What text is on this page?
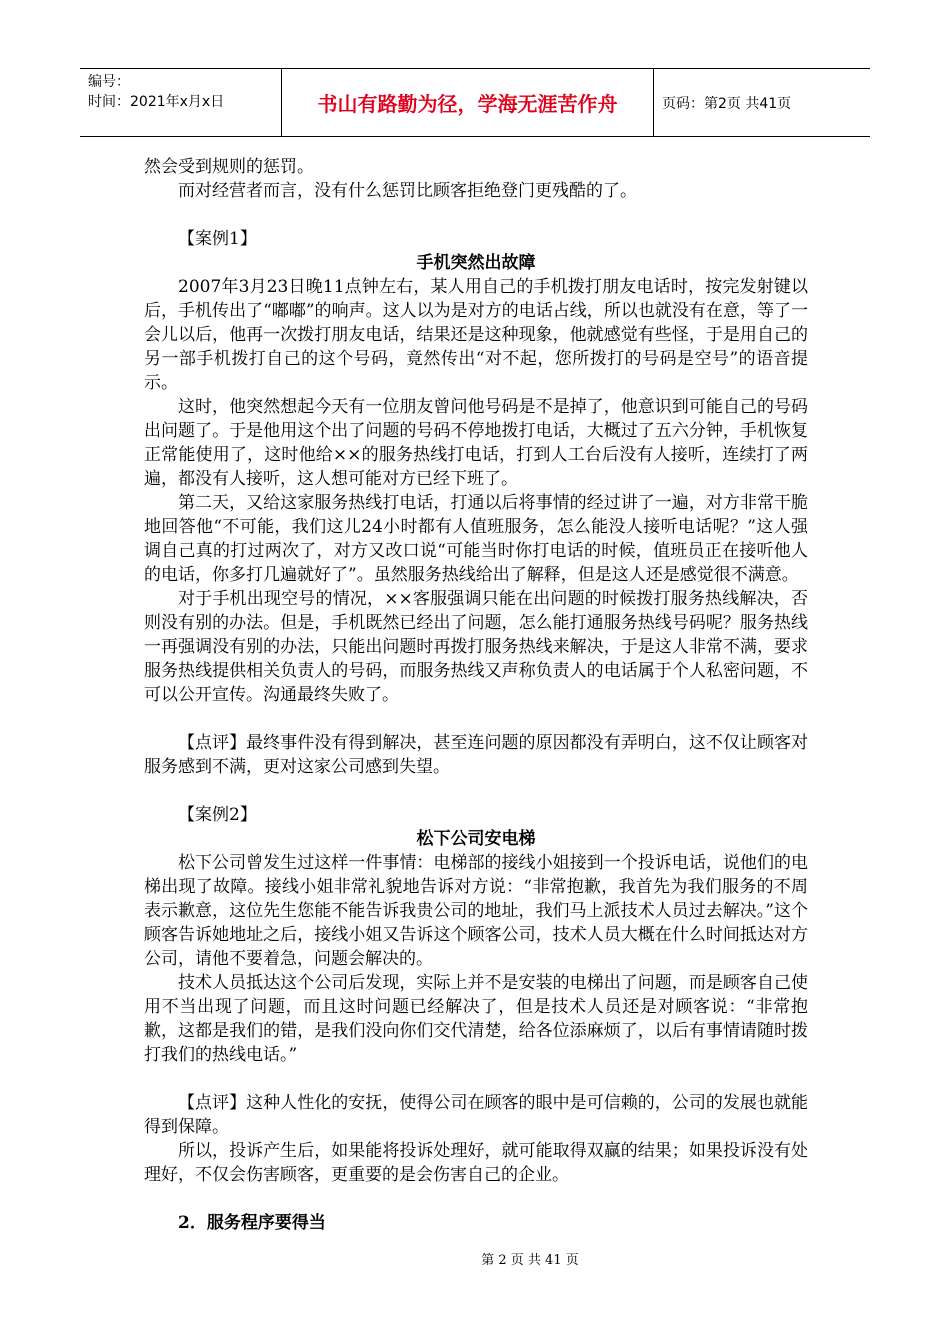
编号：
时间：2021年x月x日	书山有路勤为径，学海无涯苦作舟	页码：第2页 共41页

然会受到规则的惩罚。

而对经营者而言，没有什么惩罚比顾客拒绝登门更残酷的了。

【案例1】

手机突然出故障

2007年3月23日晚11点钟左右，某人用自己的手机拨打朋友电话时，按完发射键以后，手机传出了“嘟嘟”的响声。这人以为是对方的电话占线，所以也就没有在意，等了一会儿以后，他再一次拨打朋友电话，结果还是这种现象，他就感觉有些怪，于是用自己的另一部手机拨打自己的这个号码，竟然传出“对不起，您所拨打的号码是空号”的语音提示。

这时，他突然想起今天有一位朋友曾问他号码是不是掉了，他意识到可能自己的号码出问题了。于是他用这个出了问题的号码不停地拨打电话，大概过了五六分钟，手机恢复正常能使用了，这时他给××的服务热线打电话，打到人工台后没有人接听，连续打了两遍，都没有人接听，这人想可能对方已经下班了。

第二天，又给这家服务热线打电话，打通以后将事情的经过讲了一遍，对方非常干脆地回答他“不可能，我们这儿24小时都有人值班服务，怎么能没人接听电话呢？”这人强调自己真的打过两次了，对方又改口说“可能当时你打电话的时候，值班员正在接听他人的电话，你多打几遍就好了”。虽然服务热线给出了解释，但是这人还是感觉很不满意。

对于手机出现空号的情况，××客服强调只能在出问题的时候拨打服务热线解决，否则没有别的办法。但是，手机既然已经出了问题，怎么能打通服务热线号码呢？服务热线一再强调没有别的办法，只能出问题时再拨打服务热线来解决，于是这人非常不满，要求服务热线提供相关负责人的号码，而服务热线又声称负责人的电话属于个人私密问题，不可以公开宣传。沟通最终失败了。

【点评】最终事件没有得到解决，甚至连问题的原因都没有弄明白，这不仅让顾客对服务感到不满，更对这家公司感到失望。

【案例2】

松下公司安电梯

松下公司曾发生过这样一件事情：电梯部的接线小姐接到一个投诉电话，说他们的电梯出现了故障。接线小姐非常礼貌地告诉对方说：“非常抱歉，我首先为我们服务的不周表示歉意，这位先生您能不能告诉我贵公司的地址，我们马上派技术人员过去解决。”这个顾客告诉她地址之后，接线小姐又告诉这个顾客公司，技术人员大概在什么时间抵达对方公司，请他不要着急，问题会解决的。

技术人员抵达这个公司后发现，实际上并不是安装的电梯出了问题，而是顾客自己使用不当出现了问题，而且这时问题已经解决了，但是技术人员还是对顾客说：“非常抱歉，这都是我们的错，是我们没向你们交代清楚，给各位添麻烦了，以后有事情请随时拨打我们的热线电话。”

【点评】这种人性化的安抚，使得公司在顾客的眼中是可信赖的，公司的发展也就能得到保障。

所以，投诉产生后，如果能将投诉处理好，就可能取得双赢的结果；如果投诉没有处理好，不仅会伤害顾客，更重要的是会伤害自己的企业。

2．服务程序要得当

第 2 页 共 41 页
